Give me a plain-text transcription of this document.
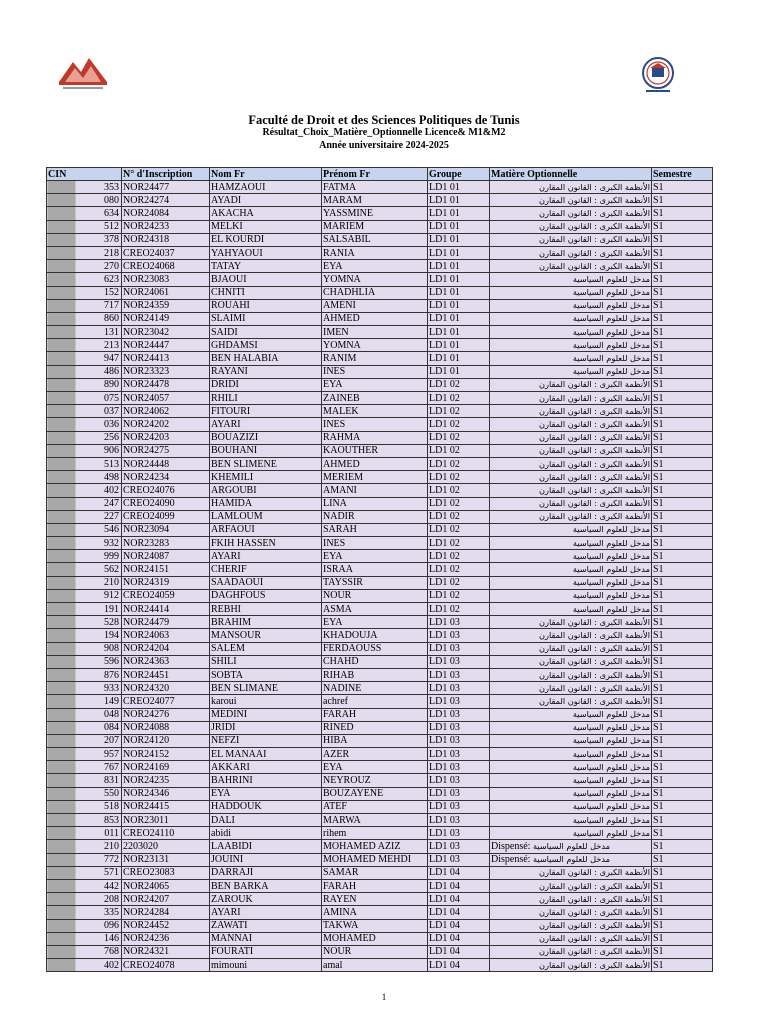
Faculté de Droit et des Sciences Politiques de Tunis
Résultat_Choix_Matière_Optionnelle Licence& M1&M2
Année universitaire 2024-2025
CIN	N° d'Inscription	Nom Fr	Prénom Fr	Groupe	Matière Optionnelle	Semestre
353	NOR24477	HAMZAOUI	FATMA	LD1 01	الأنظمة الكبرى : القانون المقارن	S1
080	NOR24274	AYADI	MARAM	LD1 01	الأنظمة الكبرى : القانون المقارن	S1
634	NOR24084	AKACHA	YASSMINE	LD1 01	الأنظمة الكبرى : القانون المقارن	S1
512	NOR24233	MELKI	MARIEM	LD1 01	الأنظمة الكبرى : القانون المقارن	S1
378	NOR24318	EL KOURDI	SALSABIL	LD1 01	الأنظمة الكبرى : القانون المقارن	S1
218	CREO24037	YAHYAOUI	RANIA	LD1 01	الأنظمة الكبرى : القانون المقارن	S1
270	CREO24068	TATAY	EYA	LD1 01	الأنظمة الكبرى : القانون المقارن	S1
623	NOR23083	BJAOUI	YOMNA	LD1 01	مدخل للعلوم السياسية	S1
152	NOR24061	CHNITI	CHADHLIA	LD1 01	مدخل للعلوم السياسية	S1
717	NOR24359	ROUAHI	AMENI	LD1 01	مدخل للعلوم السياسية	S1
860	NOR24149	SLAIMI	AHMED	LD1 01	مدخل للعلوم السياسية	S1
131	NOR23042	SAIDI	IMEN	LD1 01	مدخل للعلوم السياسية	S1
213	NOR24447	GHDAMSI	YOMNA	LD1 01	مدخل للعلوم السياسية	S1
947	NOR24413	BEN HALABIA	RANIM	LD1 01	مدخل للعلوم السياسية	S1
486	NOR23323	RAYANI	INES	LD1 01	مدخل للعلوم السياسية	S1
890	NOR24478	DRIDI	EYA	LD1 02	الأنظمة الكبرى : القانون المقارن	S1
075	NOR24057	RHILI	ZAINEB	LD1 02	الأنظمة الكبرى : القانون المقارن	S1
037	NOR24062	FITOURI	MALEK	LD1 02	الأنظمة الكبرى : القانون المقارن	S1
036	NOR24202	AYARI	INES	LD1 02	الأنظمة الكبرى : القانون المقارن	S1
256	NOR24203	BOUAZIZI	RAHMA	LD1 02	الأنظمة الكبرى : القانون المقارن	S1
906	NOR24275	BOUHANI	KAOUTHER	LD1 02	الأنظمة الكبرى : القانون المقارن	S1
513	NOR24448	BEN SLIMENE	AHMED	LD1 02	الأنظمة الكبرى : القانون المقارن	S1
498	NOR24234	KHEMILI	MERIEM	LD1 02	الأنظمة الكبرى : القانون المقارن	S1
402	CREO24076	ARGOUBI	AMANI	LD1 02	الأنظمة الكبرى : القانون المقارن	S1
247	CREO24090	HAMIDA	LINA	LD1 02	الأنظمة الكبرى : القانون المقارن	S1
227	CREO24099	LAMLOUM	NADIR	LD1 02	الأنظمة الكبرى : القانون المقارن	S1
546	NOR23094	ARFAOUI	SARAH	LD1 02	مدخل للعلوم السياسية	S1
932	NOR23283	FKIH HASSEN	INES	LD1 02	مدخل للعلوم السياسية	S1
999	NOR24087	AYARI	EYA	LD1 02	مدخل للعلوم السياسية	S1
562	NOR24151	CHERIF	ISRAA	LD1 02	مدخل للعلوم السياسية	S1
210	NOR24319	SAADAOUI	TAYSSIR	LD1 02	مدخل للعلوم السياسية	S1
912	CREO24059	DAGHFOUS	NOUR	LD1 02	مدخل للعلوم السياسية	S1
191	NOR24414	REBHI	ASMA	LD1 02	مدخل للعلوم السياسية	S1
528	NOR24479	BRAHIM	EYA	LD1 03	الأنظمة الكبرى : القانون المقارن	S1
194	NOR24063	MANSOUR	KHADOUJA	LD1 03	الأنظمة الكبرى : القانون المقارن	S1
908	NOR24204	SALEM	FERDAOUSS	LD1 03	الأنظمة الكبرى : القانون المقارن	S1
596	NOR24363	SHILI	CHAHD	LD1 03	الأنظمة الكبرى : القانون المقارن	S1
876	NOR24451	SOBTA	RIHAB	LD1 03	الأنظمة الكبرى : القانون المقارن	S1
933	NOR24320	BEN SLIMANE	NADINE	LD1 03	الأنظمة الكبرى : القانون المقارن	S1
149	CREO24077	karoui	achref	LD1 03	الأنظمة الكبرى : القانون المقارن	S1
048	NOR24276	MEDINI	FARAH	LD1 03	مدخل للعلوم السياسية	S1
084	NOR24088	JRIDI	RINED	LD1 03	مدخل للعلوم السياسية	S1
207	NOR24120	NEFZI	HIBA	LD1 03	مدخل للعلوم السياسية	S1
957	NOR24152	EL MANAAI	AZER	LD1 03	مدخل للعلوم السياسية	S1
767	NOR24169	AKKARI	EYA	LD1 03	مدخل للعلوم السياسية	S1
831	NOR24235	BAHRINI	NEYROUZ	LD1 03	مدخل للعلوم السياسية	S1
550	NOR24346	EYA	BOUZAYENE	LD1 03	مدخل للعلوم السياسية	S1
518	NOR24415	HADDOUK	ATEF	LD1 03	مدخل للعلوم السياسية	S1
853	NOR23011	DALI	MARWA	LD1 03	مدخل للعلوم السياسية	S1
011	CREO24110	abidi	rihem	LD1 03	مدخل للعلوم السياسية	S1
210	2203020	LAABIDI	MOHAMED AZIZ	LD1 03	Dispensé: مدخل للعلوم السياسية	S1
772	NOR23131	JOUINI	MOHAMED MEHDI	LD1 03	Dispensé: مدخل للعلوم السياسية	S1
571	CREO23083	DARRAJI	SAMAR	LD1 04	الأنظمة الكبرى : القانون المقارن	S1
442	NOR24065	BEN BARKA	FARAH	LD1 04	الأنظمة الكبرى : القانون المقارن	S1
208	NOR24207	ZAROUK	RAYEN	LD1 04	الأنظمة الكبرى : القانون المقارن	S1
335	NOR24284	AYARI	AMINA	LD1 04	الأنظمة الكبرى : القانون المقارن	S1
096	NOR24452	ZAWATI	TAKWA	LD1 04	الأنظمة الكبرى : القانون المقارن	S1
146	NOR24236	MANNAI	MOHAMED	LD1 04	الأنظمة الكبرى : القانون المقارن	S1
768	NOR24321	FOURATI	NOUR	LD1 04	الأنظمة الكبرى : القانون المقارن	S1
402	CREO24078	mimouni	amal	LD1 04	الأنظمة الكبرى : القانون المقارن	S1
1
